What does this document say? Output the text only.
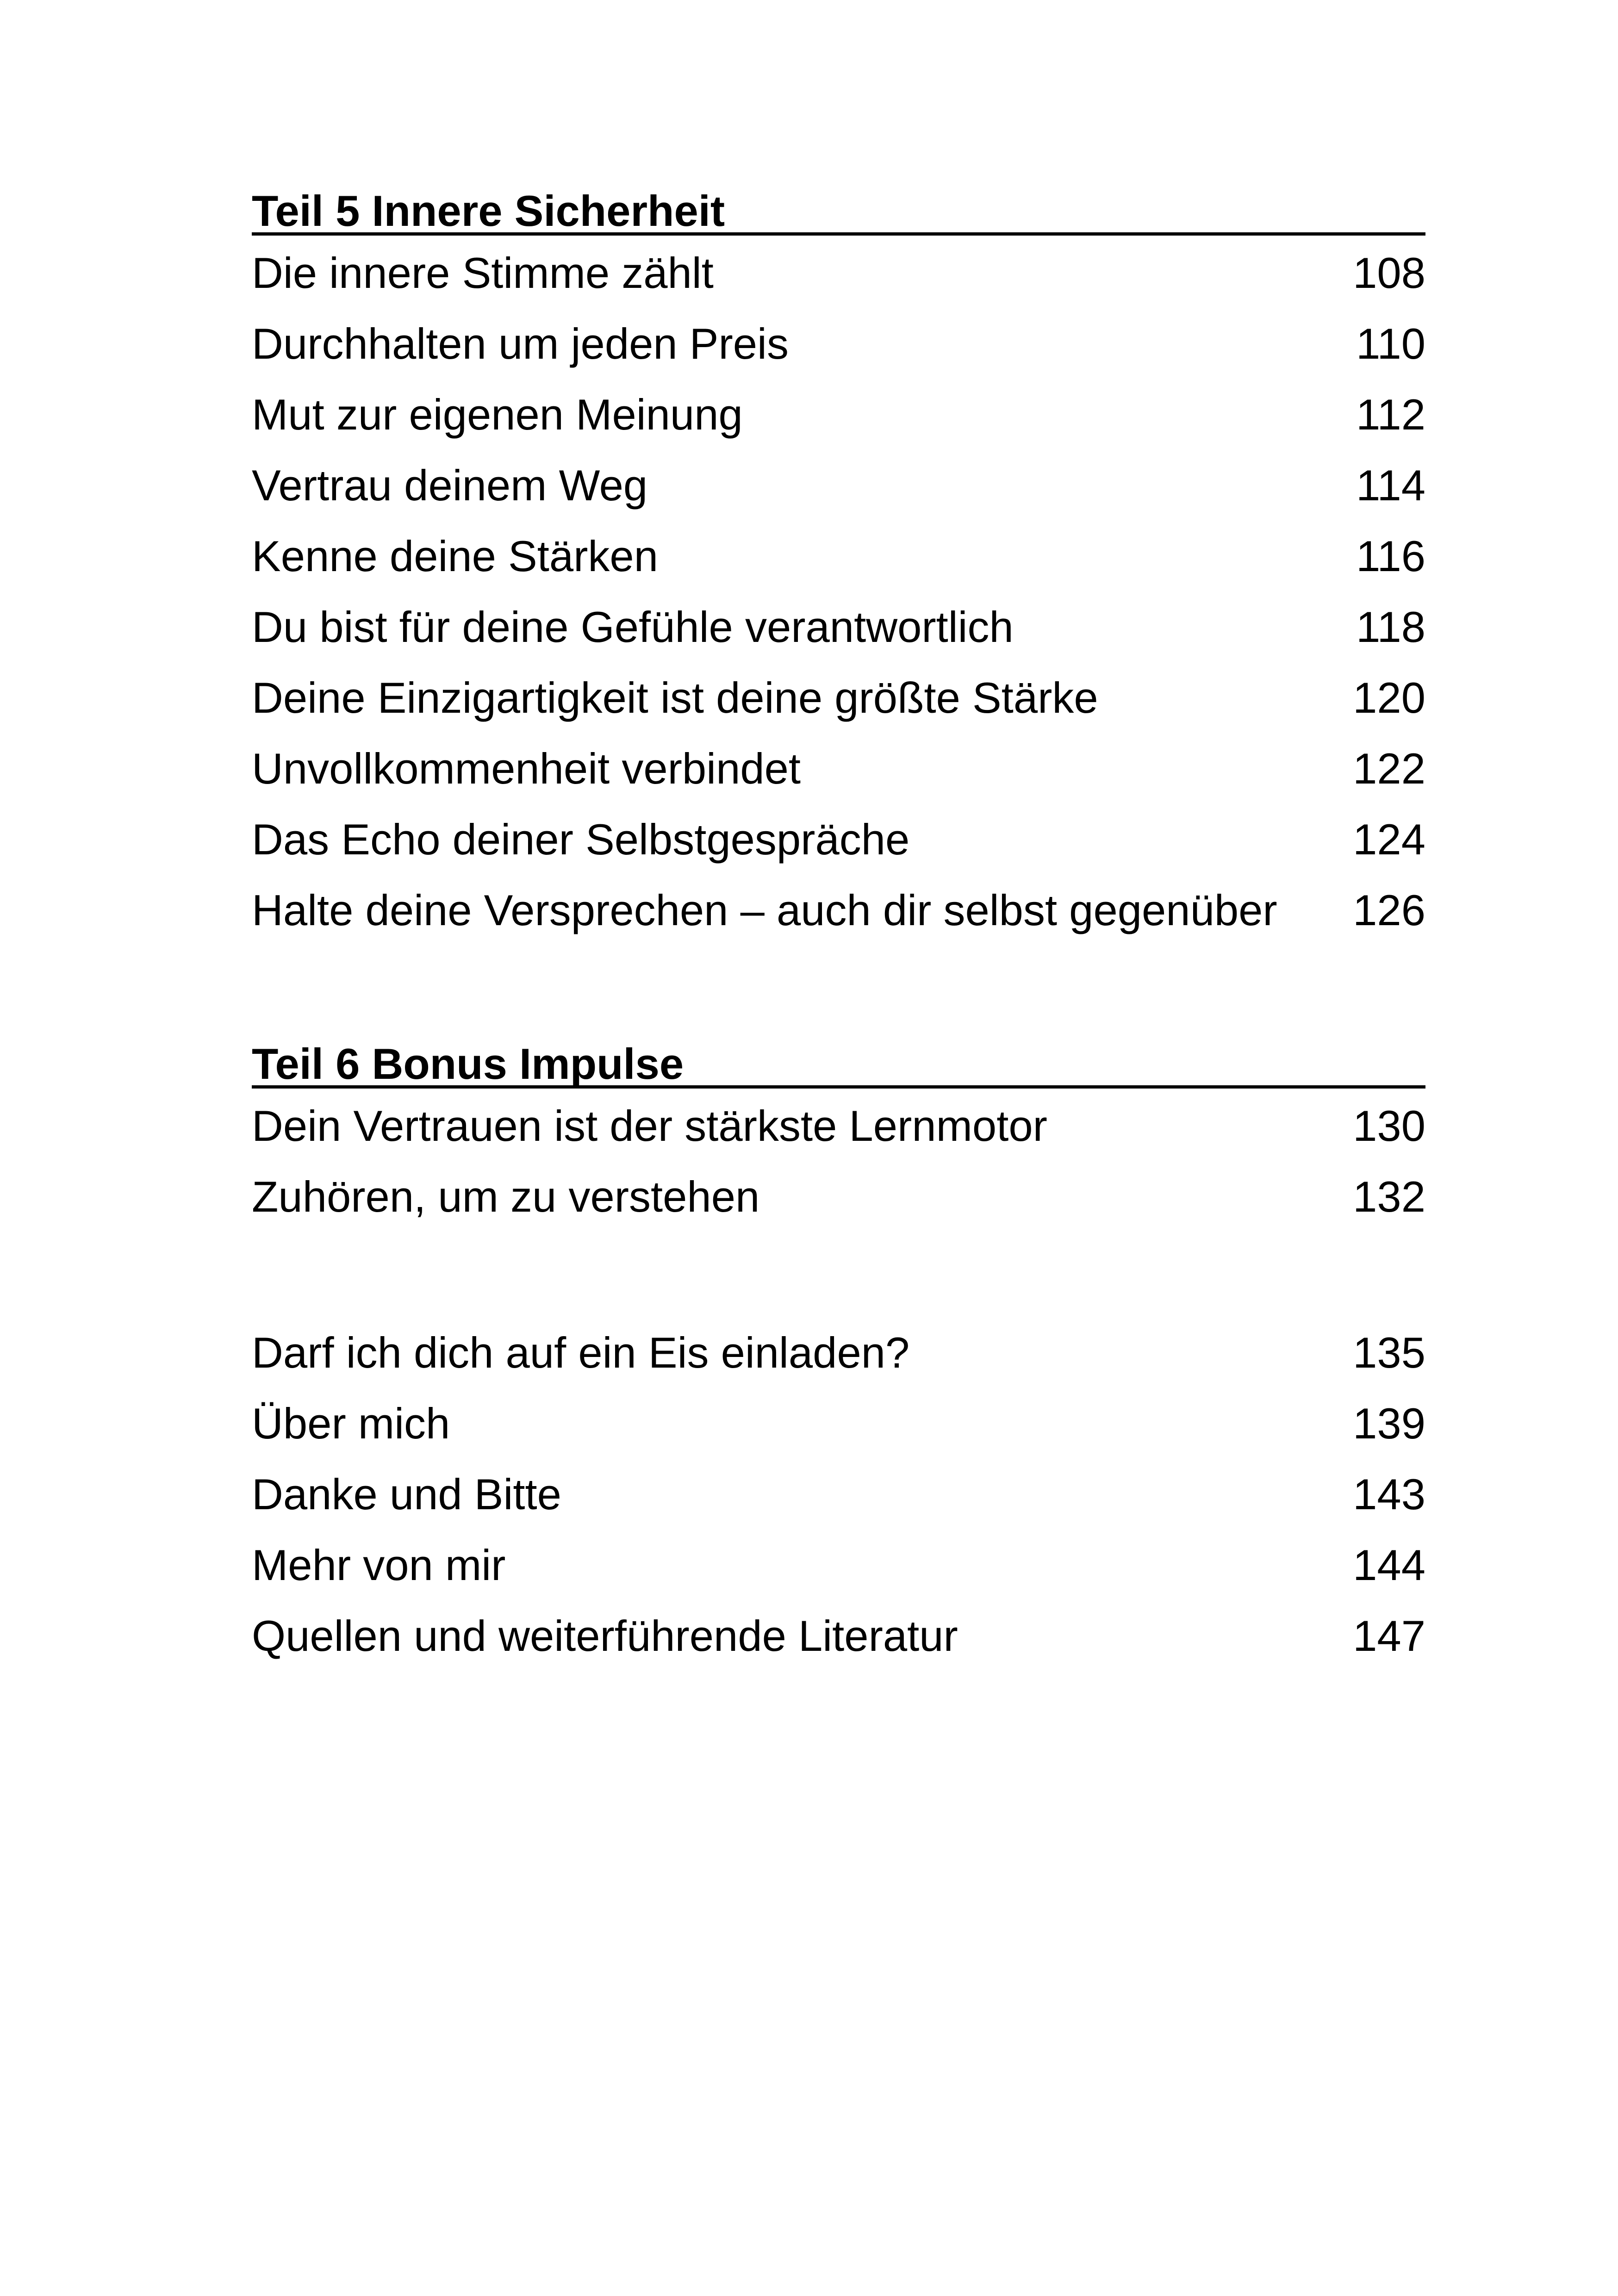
Teil 5 Innere Sicherheit
Die innere Stimme zählt	108
Durchhalten um jeden Preis	110
Mut zur eigenen Meinung	112
Vertrau deinem Weg	114
Kenne deine Stärken	116
Du bist für deine Gefühle verantwortlich	118
Deine Einzigartigkeit ist deine größte Stärke	120
Unvollkommenheit verbindet	122
Das Echo deiner Selbstgespräche	124
Halte deine Versprechen – auch dir selbst gegenüber 126
Teil 6 Bonus Impulse
Dein Vertrauen ist der stärkste Lernmotor	130
Zuhören, um zu verstehen	132
Darf ich dich auf ein Eis einladen?	135
Über mich	139
Danke und Bitte	143
Mehr von mir	144
Quellen und weiterführende Literatur	147
